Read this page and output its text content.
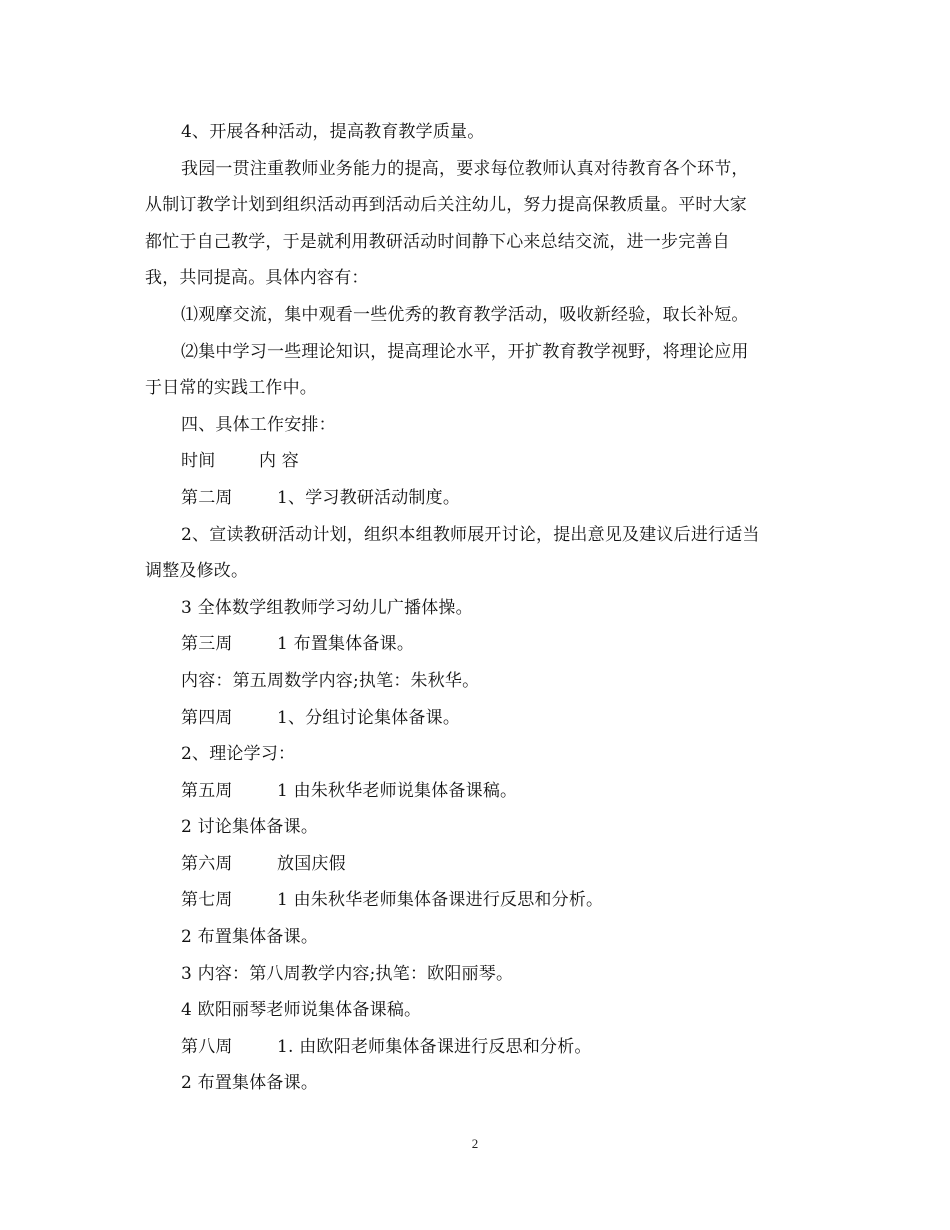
4、开展各种活动，提高教育教学质量。
我园一贯注重教师业务能力的提高，要求每位教师认真对待教育各个环节，
从制订教学计划到组织活动再到活动后关注幼儿，努力提高保教质量。平时大家
都忙于自己教学，于是就利用教研活动时间静下心来总结交流，进一步完善自
我，共同提高。具体内容有：
⑴观摩交流，集中观看一些优秀的教育教学活动，吸收新经验，取长补短。
⑵集中学习一些理论知识，提高理论水平，开扩教育教学视野，将理论应用
于日常的实践工作中。
四、具体工作安排：
时间	内 容
第二周	1、学习教研活动制度。
2、宣读教研活动计划，组织本组教师展开讨论，提出意见及建议后进行适当
调整及修改。
3 全体数学组教师学习幼儿广播体操。
第三周	1 布置集体备课。
内容：第五周数学内容;执笔：朱秋华。
第四周	1、分组讨论集体备课。
2、理论学习：
第五周	1 由朱秋华老师说集体备课稿。
2 讨论集体备课。
第六周	放国庆假
第七周	1 由朱秋华老师集体备课进行反思和分析。
2 布置集体备课。
3 内容：第八周教学内容;执笔：欧阳丽琴。
4 欧阳丽琴老师说集体备课稿。
第八周	1. 由欧阳老师集体备课进行反思和分析。
2 布置集体备课。
2
